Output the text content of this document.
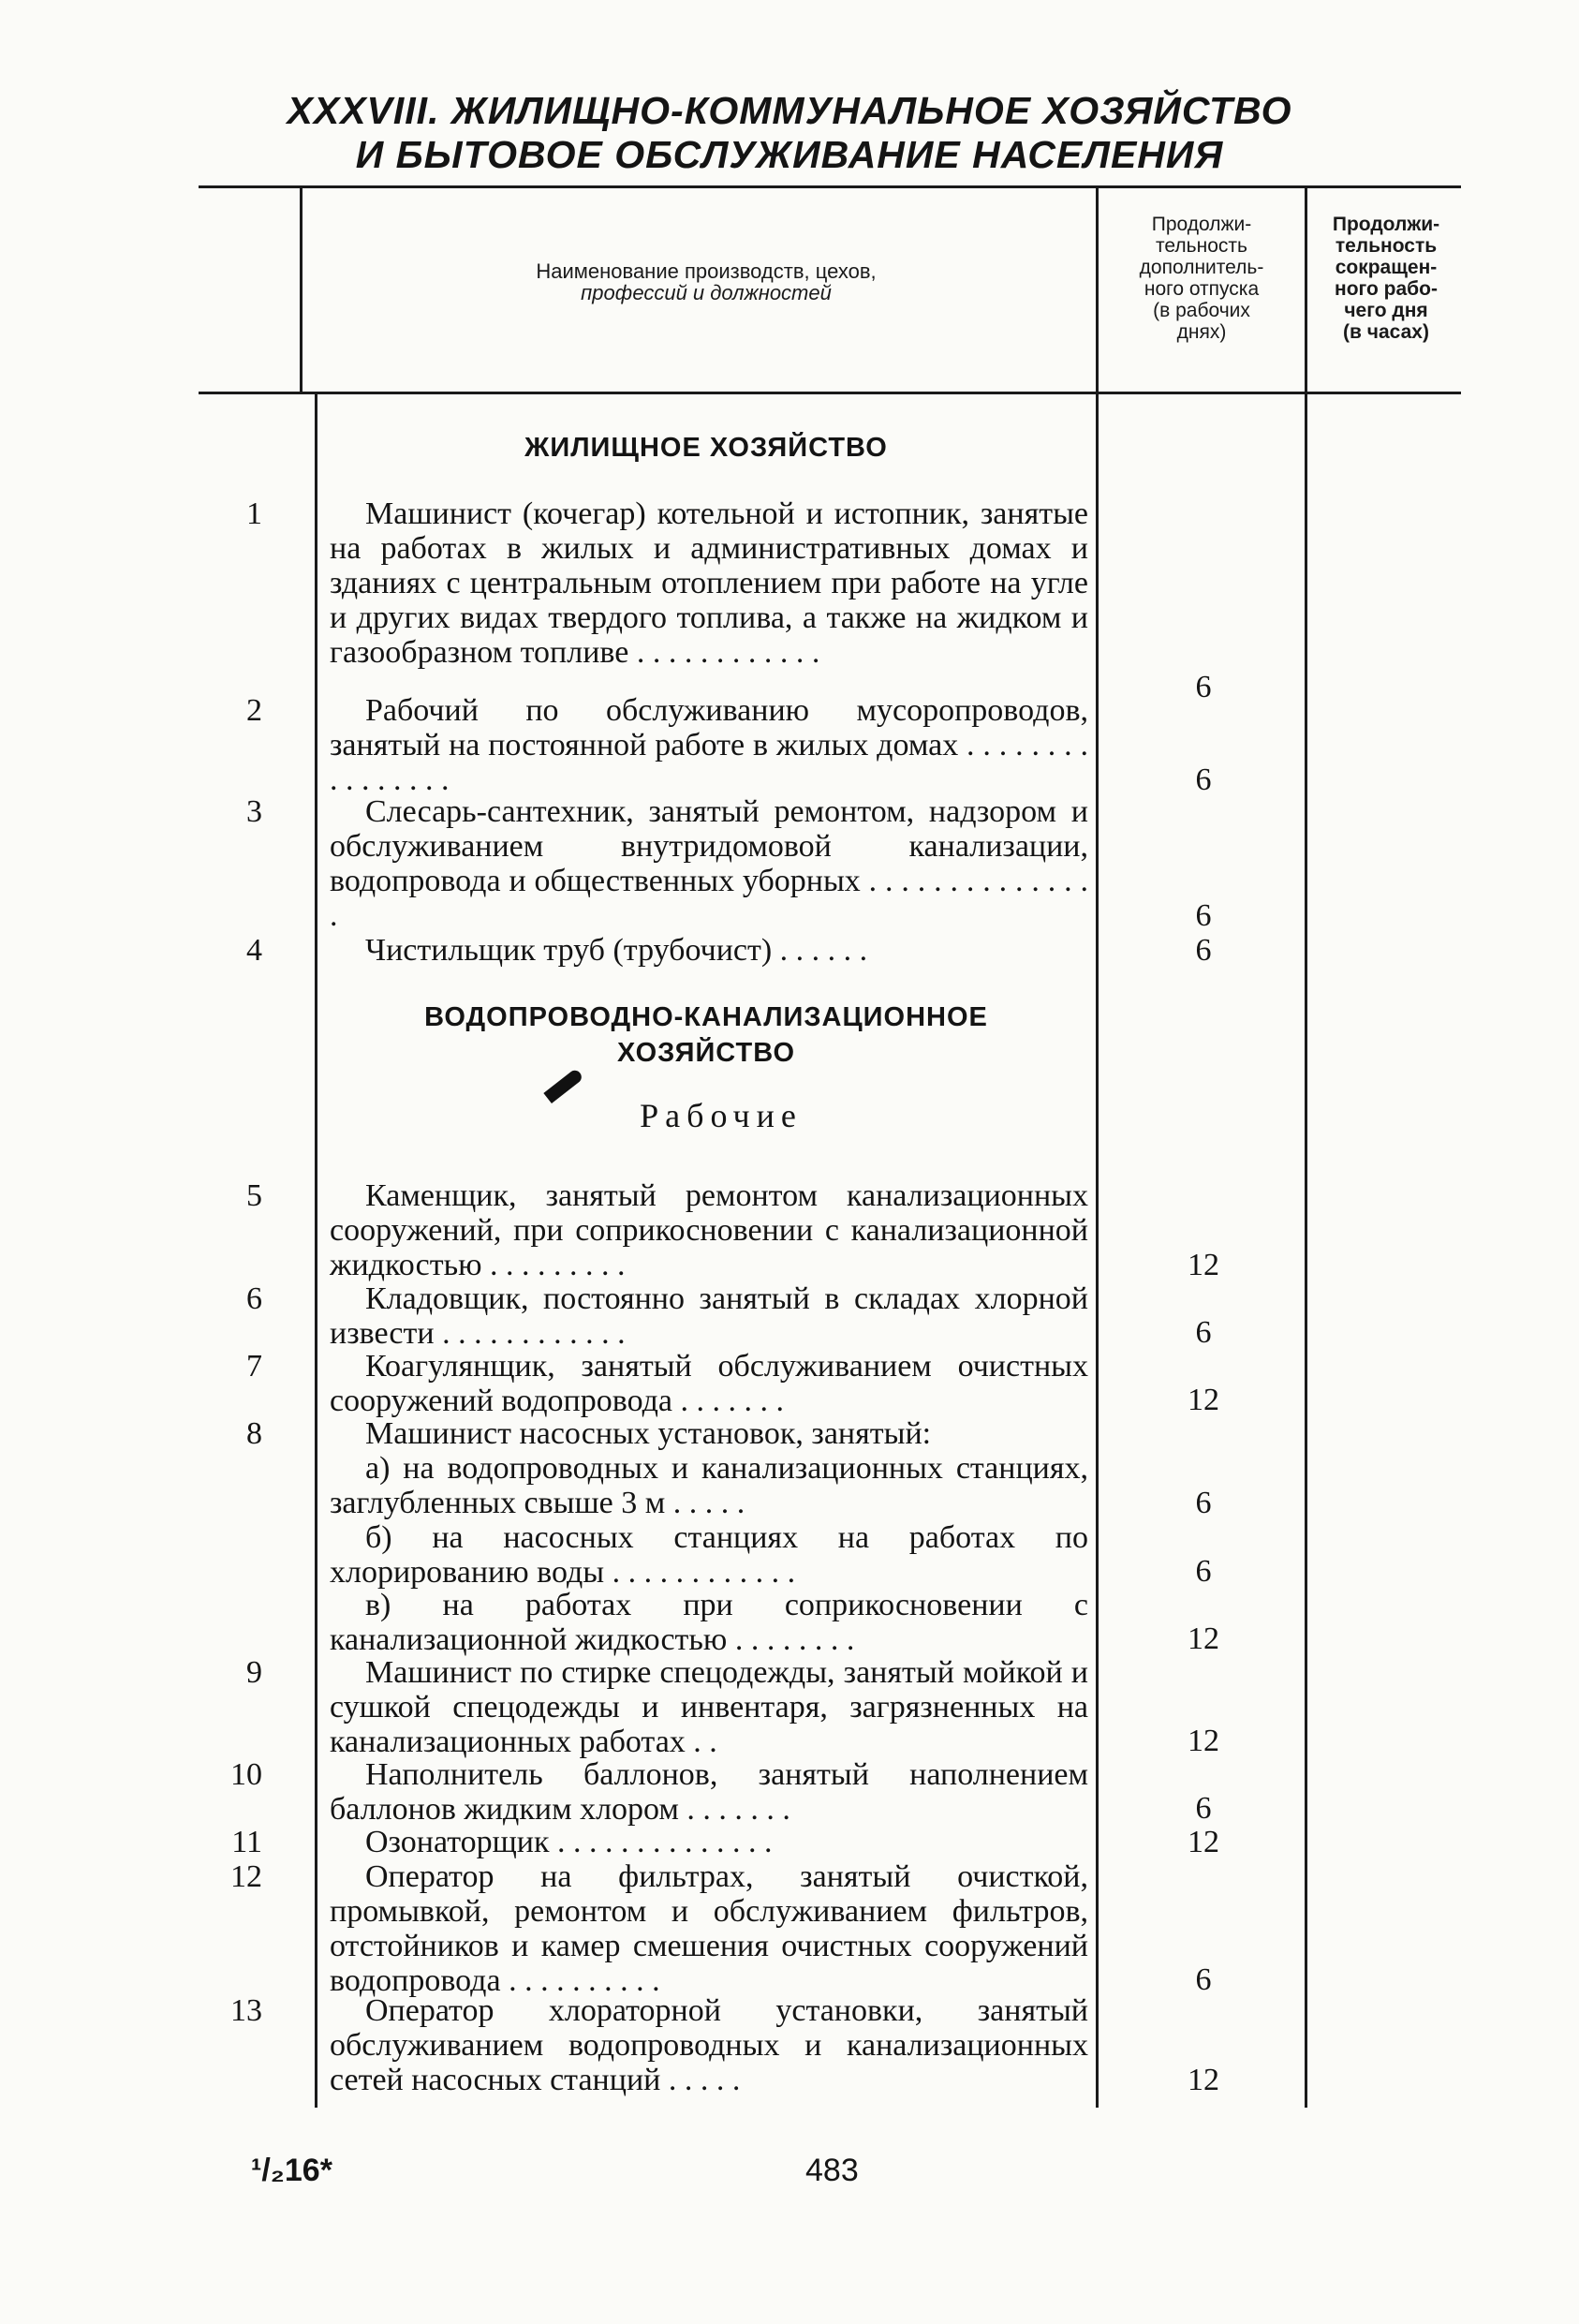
XXXVIII. ЖИЛИЩНО-КОММУНАЛЬНОЕ ХОЗЯЙСТВО
И БЫТОВОЕ ОБСЛУЖИВАНИЕ НАСЕЛЕНИЯ
Наименование производств, цехов,
профессий и должностей
Продолжи-
тельность
дополнитель-
ного отпуска
(в рабочих
днях)
Продолжи-
тельность
сокращен-
ного рабо-
чего дня
(в часах)
ЖИЛИЩНОЕ ХОЗЯЙСТВО
ВОДОПРОВОДНО-КАНАЛИЗАЦИОННОЕ
ХОЗЯЙСТВО
Рабочие
1
2
3
4
5
6
7
8
9
10
11
12
13
Машинист (кочегар) котельной и истопник, занятые на работах в жилых и административных домах и зданиях с центральным отоплением при работе на угле и других видах твердого топлива, а также на жидком и газообразном топливе . . . . . . . . . . . .
Рабочий по обслуживанию мусоропроводов, занятый на постоянной работе в жилых домах . . . . . . . . . . . . . . . .
Слесарь-сантехник, занятый ремонтом, надзором и обслуживанием внутридомовой канализации, водопровода и общественных уборных . . . . . . . . . . . . . . .
Чистильщик труб (трубочист) . . . . . .
Каменщик, занятый ремонтом канализационных сооружений, при соприкосновении с канализационной жидкостью . . . . . . . . .
Кладовщик, постоянно занятый в складах хлорной извести . . . . . . . . . . . .
Коагулянщик, занятый обслуживанием очистных сооружений водопровода . . . . . . .
Машинист насосных установок, занятый:
а) на водопроводных и канализационных станциях, заглубленных свыше 3 м . . . . .
б) на насосных станциях на работах по хлорированию воды . . . . . . . . . . . .
в) на работах при соприкосновении с канализационной жидкостью . . . . . . . .
Машинист по стирке спецодежды, занятый мойкой и сушкой спецодежды и инвентаря, загрязненных на канализационных работах . .
Наполнитель баллонов, занятый наполнением баллонов жидким хлором . . . . . . .
Озонаторщик . . . . . . . . . . . . . .
Оператор на фильтрах, занятый очисткой, промывкой, ремонтом и обслуживанием фильтров, отстойников и камер смешения очистных сооружений водопровода . . . . . . . . . .
Оператор хлораторной установки, занятый обслуживанием водопроводных и канализационных сетей насосных станций . . . . .
6
6
6
6
12
6
12
6
6
12
12
6
12
6
12
¹/₂16*	483
